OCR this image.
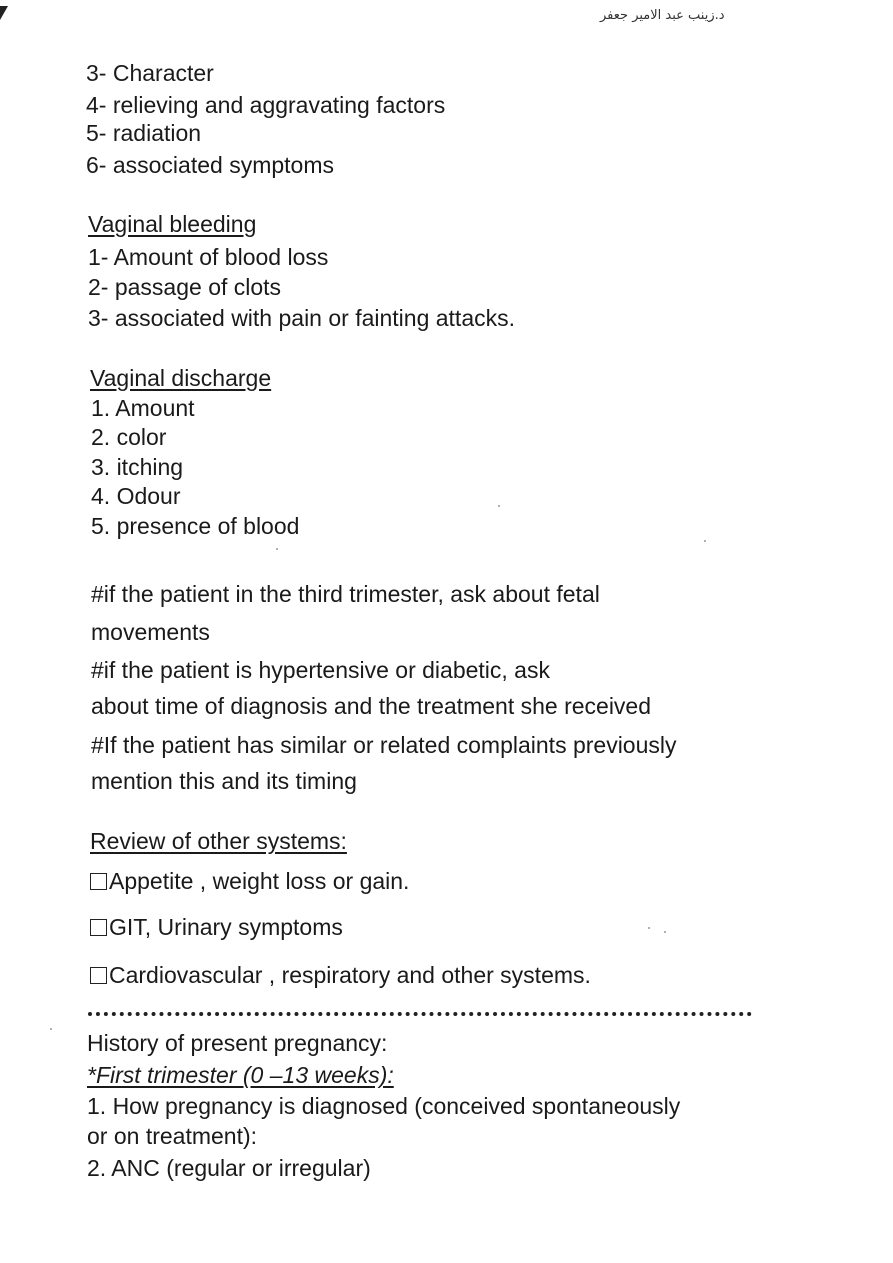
د.زينب عبد الامير جعفر
3- Character
4- relieving and aggravating factors
5- radiation
6- associated symptoms
Vaginal bleeding
1- Amount of blood loss
2- passage of clots
3- associated with pain or fainting attacks.
Vaginal discharge
1. Amount
2. color
3. itching
4. Odour
5. presence of blood
#if the patient in the third trimester, ask about fetal
movements
#if the patient is hypertensive or diabetic, ask
about time of diagnosis and the treatment she received
#If the patient has similar or related complaints previously
mention this and its timing
Review of other systems:
Appetite , weight loss or gain.
GIT, Urinary symptoms
Cardiovascular , respiratory and other systems.
History of present pregnancy:
*First trimester (0 –13 weeks):
1. How pregnancy is diagnosed (conceived spontaneously
or on treatment):
2. ANC (regular or irregular)
